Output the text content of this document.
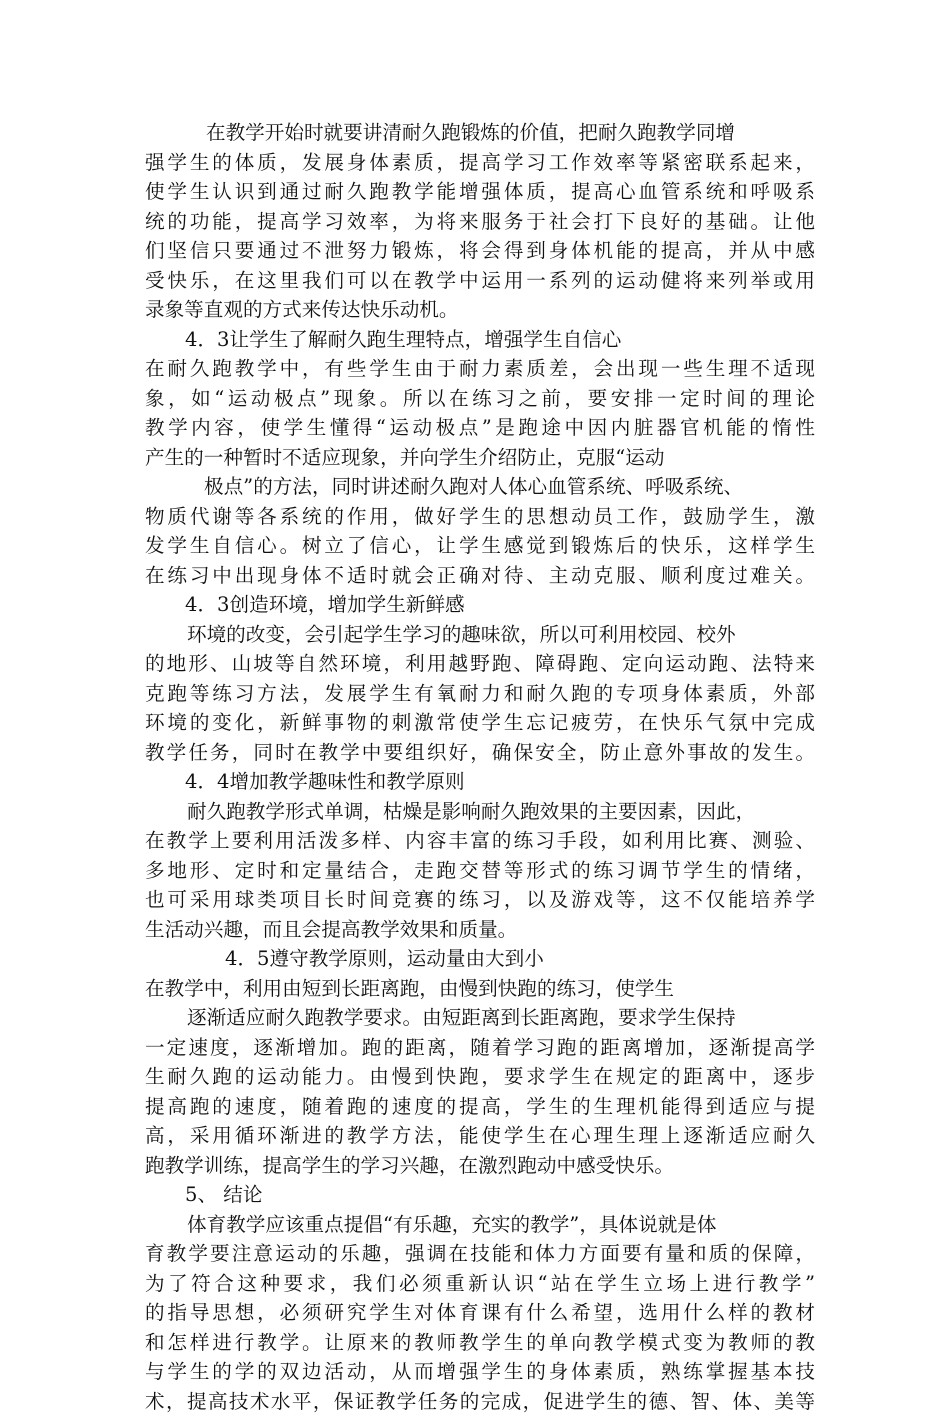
在教学开始时就要讲清耐久跑锻炼的价值，把耐久跑教学同增
强学生的体质，发展身体素质，提高学习工作效率等紧密联系起来，
使学生认识到通过耐久跑教学能增强体质，提高心血管系统和呼吸系
统的功能，提高学习效率，为将来服务于社会打下良好的基础。让他
们坚信只要通过不泄努力锻炼，将会得到身体机能的提高，并从中感
受快乐，在这里我们可以在教学中运用一系列的运动健将来列举或用
录象等直观的方式来传达快乐动机。
4．3让学生了解耐久跑生理特点，增强学生自信心
在耐久跑教学中，有些学生由于耐力素质差，会出现一些生理不适现
象，如“运动极点”现象。所以在练习之前，要安排一定时间的理论
教学内容，使学生懂得“运动极点”是跑途中因内脏器官机能的惰性
产生的一种暂时不适应现象，并向学生介绍防止，克服“运动
极点”的方法，同时讲述耐久跑对人体心血管系统、呼吸系统、
物质代谢等各系统的作用，做好学生的思想动员工作，鼓励学生，激
发学生自信心。树立了信心，让学生感觉到锻炼后的快乐，这样学生
在练习中出现身体不适时就会正确对待、主动克服、顺利度过难关。
4．3创造环境，增加学生新鲜感
环境的改变，会引起学生学习的趣味欲，所以可利用校园、校外
的地形、山坡等自然环境，利用越野跑、障碍跑、定向运动跑、法特来
克跑等练习方法，发展学生有氧耐力和耐久跑的专项身体素质，外部
环境的变化，新鲜事物的刺激常使学生忘记疲劳，在快乐气氛中完成
教学任务，同时在教学中要组织好，确保安全，防止意外事故的发生。
4．4增加教学趣味性和教学原则
耐久跑教学形式单调，枯燥是影响耐久跑效果的主要因素，因此，
在教学上要利用活泼多样、内容丰富的练习手段，如利用比赛、测验、
多地形、定时和定量结合，走跑交替等形式的练习调节学生的情绪，
也可采用球类项目长时间竞赛的练习，以及游戏等，这不仅能培养学
生活动兴趣，而且会提高教学效果和质量。
4．5遵守教学原则，运动量由大到小
在教学中，利用由短到长距离跑，由慢到快跑的练习，使学生
逐渐适应耐久跑教学要求。由短距离到长距离跑，要求学生保持
一定速度，逐渐增加。跑的距离，随着学习跑的距离增加，逐渐提高学
生耐久跑的运动能力。由慢到快跑，要求学生在规定的距离中，逐步
提高跑的速度，随着跑的速度的提高，学生的生理机能得到适应与提
高，采用循环渐进的教学方法，能使学生在心理生理上逐渐适应耐久
跑教学训练，提高学生的学习兴趣，在激烈跑动中感受快乐。
5、 结论
体育教学应该重点提倡“有乐趣，充实的教学”，具体说就是体
育教学要注意运动的乐趣，强调在技能和体力方面要有量和质的保障，
为了符合这种要求，我们必须重新认识“站在学生立场上进行教学”
的指导思想，必须研究学生对体育课有什么希望，选用什么样的教材
和怎样进行教学。让原来的教师教学生的单向教学模式变为教师的教
与学生的学的双边活动，从而增强学生的身体素质，熟练掌握基本技
术，提高技术水平，保证教学任务的完成，促进学生的德、智、体、美等
